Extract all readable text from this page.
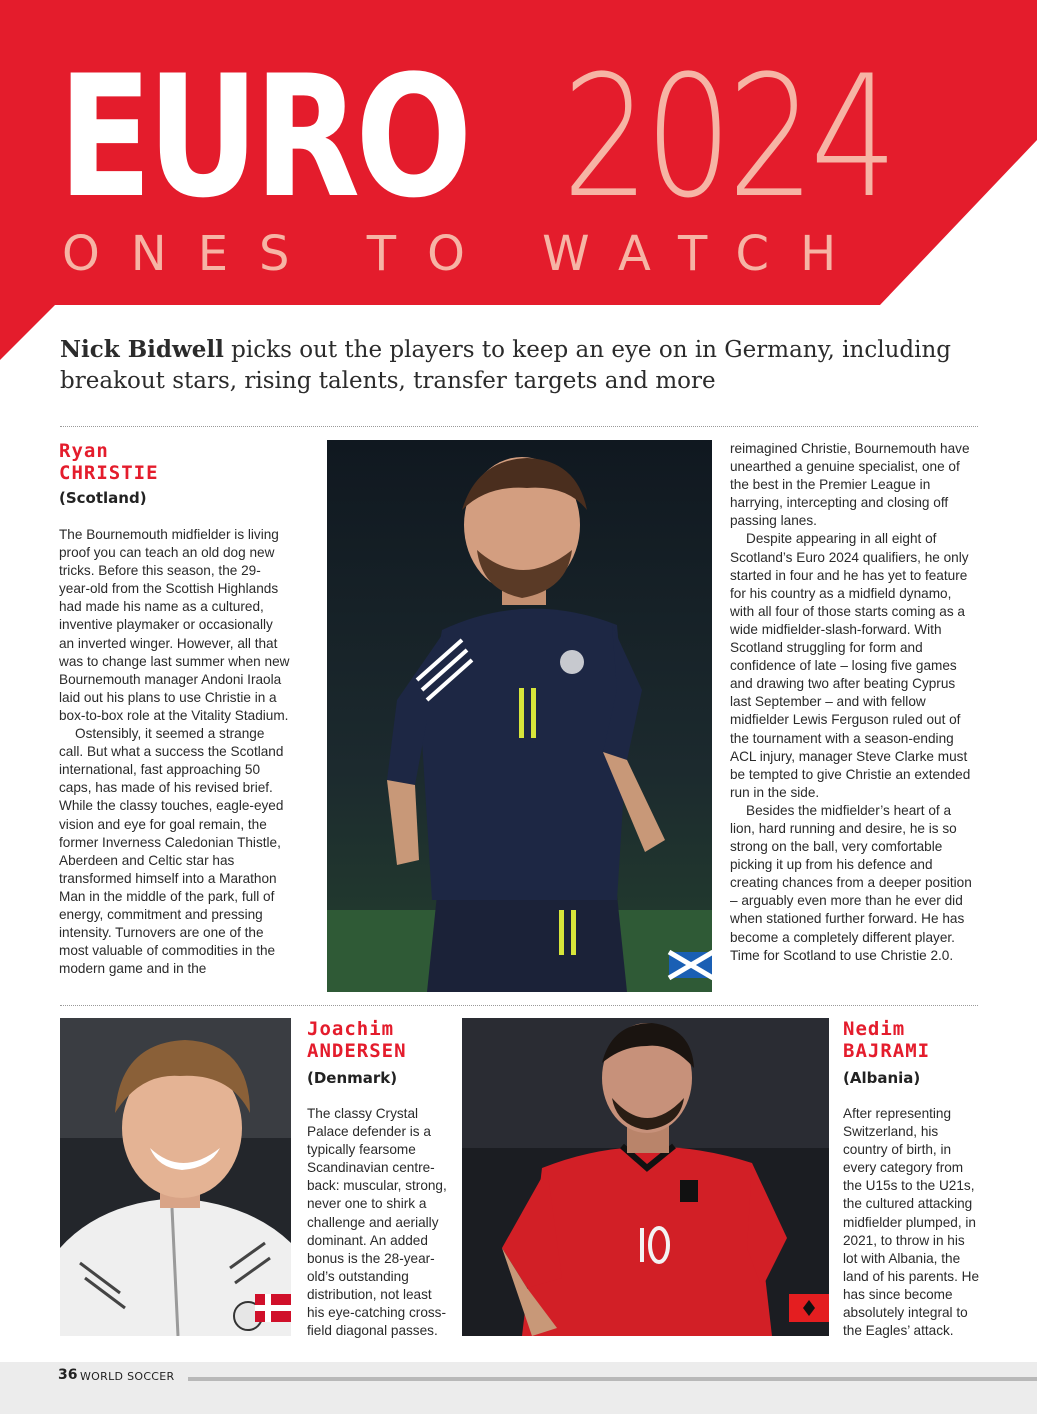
EURO 2024
ONES TO WATCH
Nick Bidwell picks out the players to keep an eye on in Germany, including breakout stars, rising talents, transfer targets and more
Ryan
CHRISTIE
(Scotland)

The Bournemouth midfielder is living proof you can teach an old dog new tricks. Before this season, the 29-year-old from the Scottish Highlands had made his name as a cultured, inventive playmaker or occasionally an inverted winger. However, all that was to change last summer when new Bournemouth manager Andoni Iraola laid out his plans to use Christie in a box-to-box role at the Vitality Stadium.

Ostensibly, it seemed a strange call. But what a success the Scotland international, fast approaching 50 caps, has made of his revised brief. While the classy touches, eagle-eyed vision and eye for goal remain, the former Inverness Caledonian Thistle, Aberdeen and Celtic star has transformed himself into a Marathon Man in the middle of the park, full of energy, commitment and pressing intensity. Turnovers are one of the most valuable of commodities in the modern game and in the

reimagined Christie, Bournemouth have unearthed a genuine specialist, one of the best in the Premier League in harrying, intercepting and closing off passing lanes.

Despite appearing in all eight of Scotland’s Euro 2024 qualifiers, he only started in four and he has yet to feature for his country as a midfield dynamo, with all four of those starts coming as a wide midfielder-slash-forward. With Scotland struggling for form and confidence of late – losing five games and drawing two after beating Cyprus last September – and with fellow midfielder Lewis Ferguson ruled out of the tournament with a season-ending ACL injury, manager Steve Clarke must be tempted to give Christie an extended run in the side.

Besides the midfielder’s heart of a lion, hard running and desire, he is so strong on the ball, very comfortable picking it up from his defence and creating chances from a deeper position – arguably even more than he ever did when stationed further forward. He has become a completely different player. Time for Scotland to use Christie 2.0.

Joachim
ANDERSEN
(Denmark)

The classy Crystal Palace defender is a typically fearsome Scandinavian centre-back: muscular, strong, never one to shirk a challenge and aerially dominant. An added bonus is the 28-year-old’s outstanding distribution, not least his eye-catching cross-field diagonal passes.

Nedim
BAJRAMI
(Albania)

After representing Switzerland, his country of birth, in every category from the U15s to the U21s, the cultured attacking midfielder plumped, in 2021, to throw in his lot with Albania, the land of his parents. He has since become absolutely integral to the Eagles’ attack.

36 WORLD SOCCER
